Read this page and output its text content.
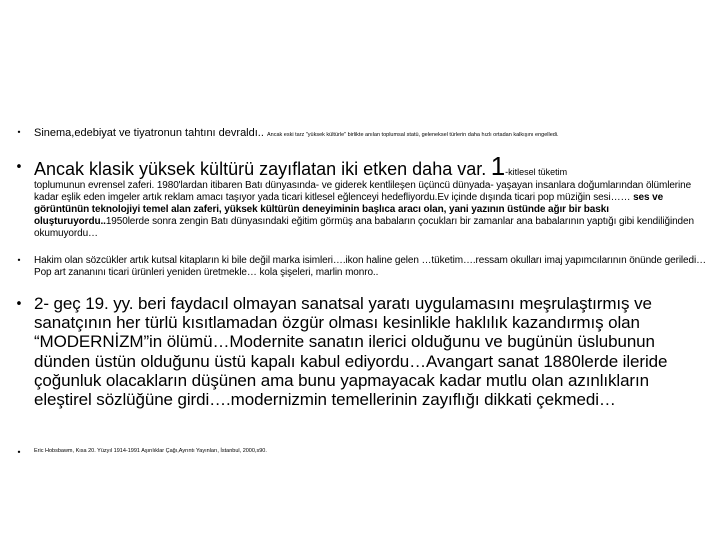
• Sinema,edebiyat ve tiyatronun tahtını devraldı.. Ancak eski tarz "yüksek kültürle" birlikte anılan toplumsal statü, geleneksel türlerin daha hızlı ortadan kalkışını engelledi.
• Ancak klasik yüksek kültürü zayıflatan iki etken daha var. 1-kitlesel tüketim
toplumunun evrensel zaferi. 1980'lardan itibaren Batı dünyasında- ve giderek kentlileşen üçüncü dünyada- yaşayan insanlara doğumlarından ölümlerine kadar eşlik eden imgeler artık reklam amacı taşıyor yada ticari kitlesel eğlenceyi hedefliyordu.Ev içinde dışında ticari pop müziğin sesi…… ses ve görüntünün teknolojiyi temel alan zaferi, yüksek kültürün deneyiminin başlıca aracı olan, yani yazının üstünde ağır bir baskı oluşturuyordu..1950lerde sonra zengin Batı dünyasındaki eğitim görmüş ana babaların çocukları bir zamanlar ana babalarının yaptığı gibi kendiliğinden okumuyordu…
• Hakim olan sözcükler artık kutsal kitapların ki bile değil marka isimleri….ikon haline gelen …tüketim….ressam okulları imaj yapımcılarının önünde geriledi…Pop art zananını ticari ürünleri yeniden üretmekle… kola şişeleri, marlin monro..
• 2- geç 19. yy. beri faydacıl olmayan sanatsal yaratı uygulamasını meşrulaştırmış ve sanatçının her türlü kısıtlamadan özgür olması kesinlikle haklılık kazandırmış olan “MODERNİZM”in ölümü…Modernite sanatın ilerici olduğunu ve bugünün üslubunun dünden üstün olduğunu üstü kapalı kabul ediyordu…Avangart sanat 1880lerde ileride çoğunluk olacakların düşünen ama bunu yapmayacak kadar mutlu olan azınlıkların eleştirel sözlüğüne girdi….modernizmin temellerinin zayıflığı dikkati çekmedi…
•	Eric Hobsbawm, Kısa 20. Yüzyıl 1914-1991 Aşırılıklar Çağı,Ayrıntı Yayınları, İstanbul, 2000,s90.
